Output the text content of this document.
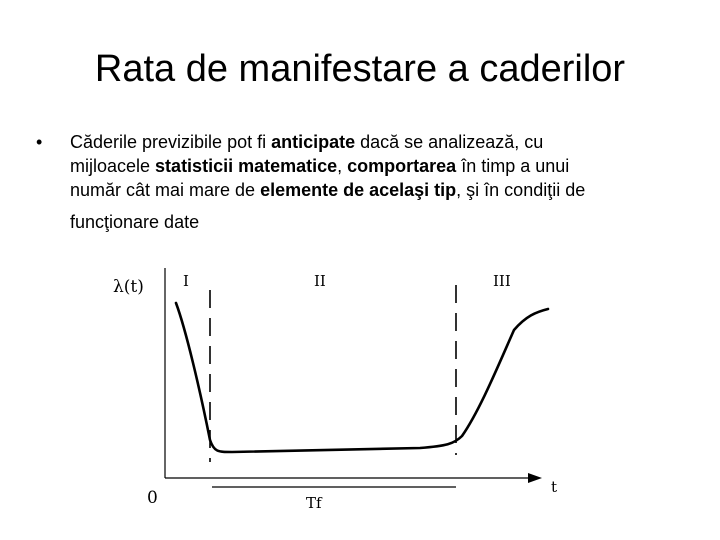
Rata de manifestare a caderilor
• Căderile previzibile pot fi anticipate dacă se analizează, cu
mijloacele statisticii matematice, comportarea în timp a unui
număr cât mai mare de elemente de acelaşi tip, şi în condiţii de
funcţionare date
λ(t)	I	II	III
t
0	Tf
